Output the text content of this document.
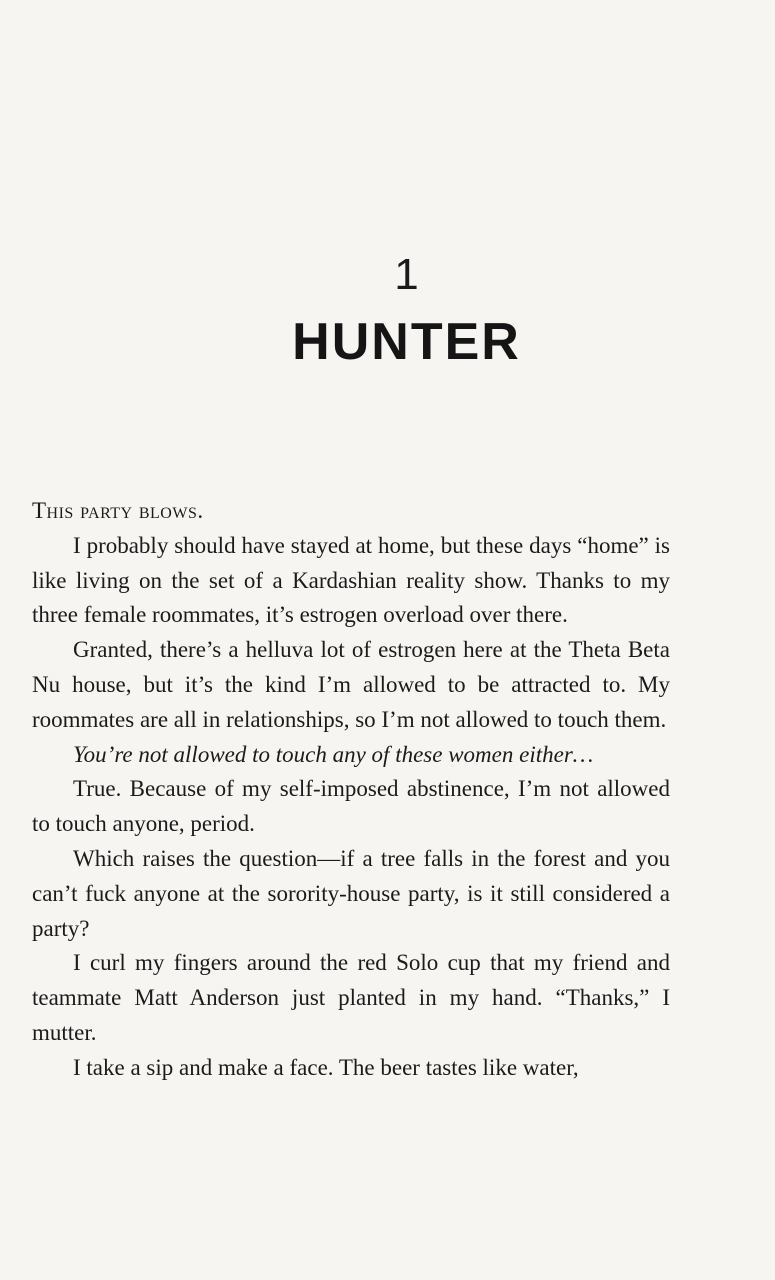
1
HUNTER

This party blows.

I probably should have stayed at home, but these days “home” is like living on the set of a Kardashian reality show. Thanks to my three female roommates, it’s estrogen overload over there.

Granted, there’s a helluva lot of estrogen here at the Theta Beta Nu house, but it’s the kind I’m allowed to be attracted to. My roommates are all in relationships, so I’m not allowed to touch them.

You’re not allowed to touch any of these women either…

True. Because of my self-imposed abstinence, I’m not allowed to touch anyone, period.

Which raises the question—if a tree falls in the forest and you can’t fuck anyone at the sorority-house party, is it still considered a party?

I curl my fingers around the red Solo cup that my friend and teammate Matt Anderson just planted in my hand. “Thanks,” I mutter.

I take a sip and make a face. The beer tastes like water,
